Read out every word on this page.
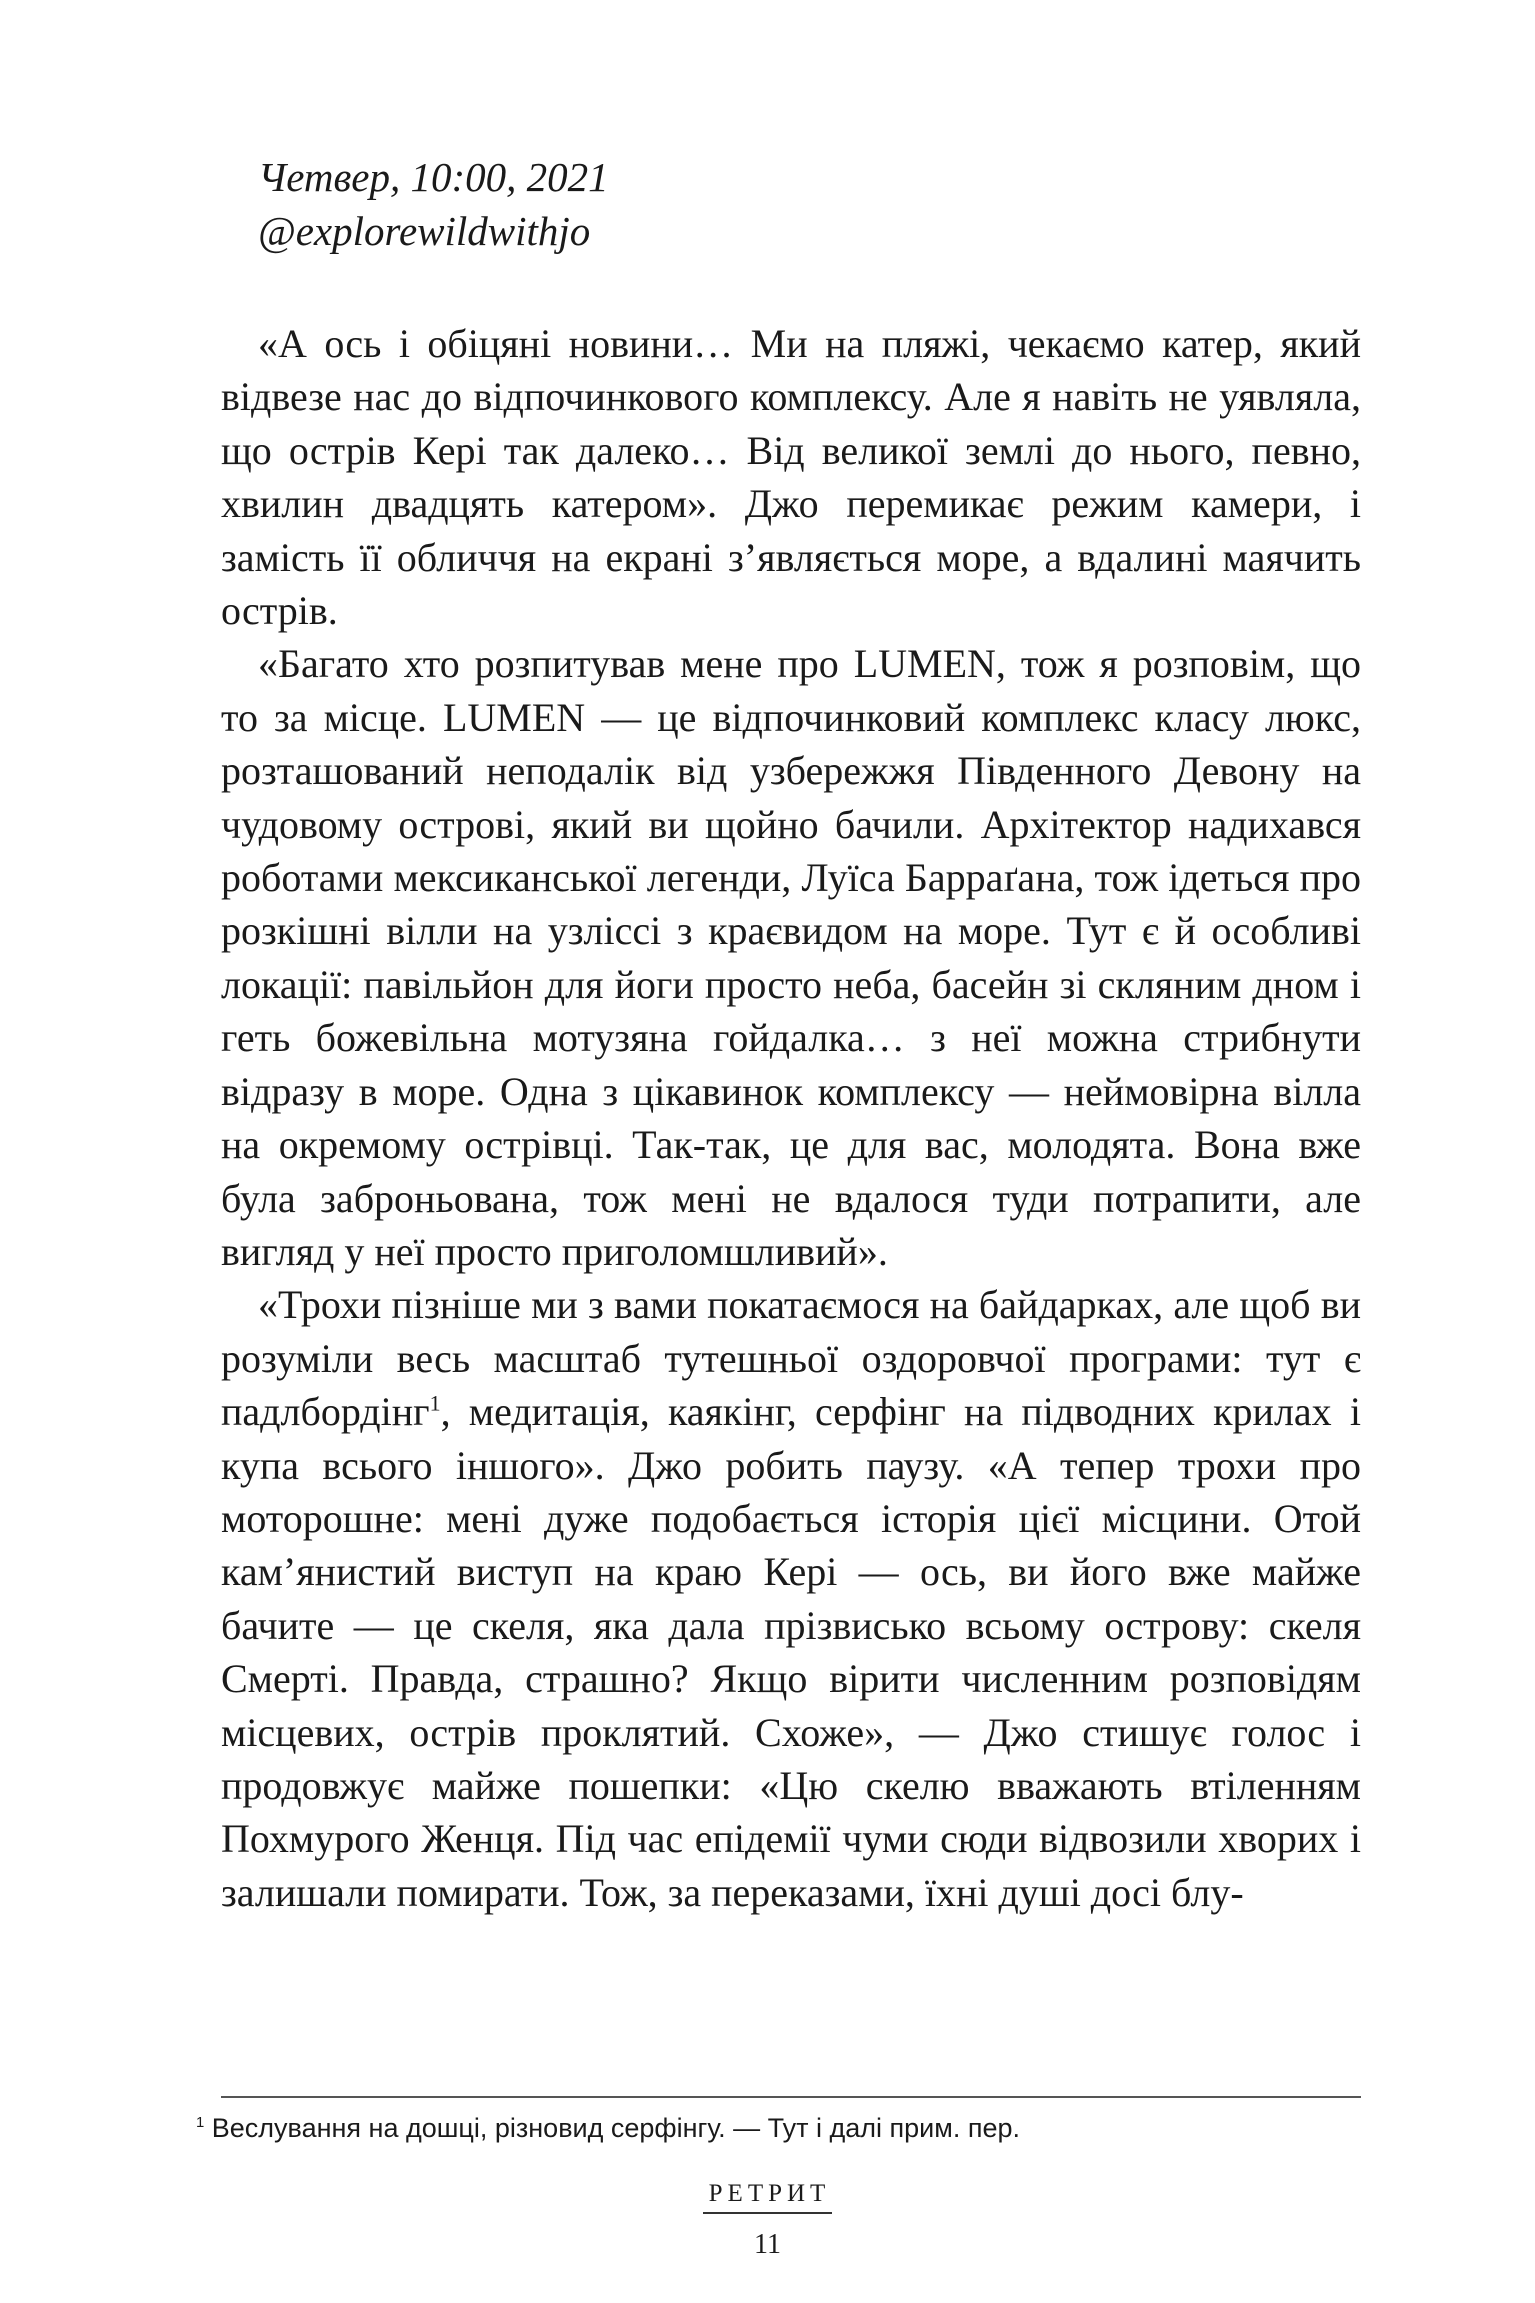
Четвер, 10:00, 2021
@explorewildwithjo

«А ось і обіцяні новини… Ми на пляжі, чекаємо катер, який відвезе нас до відпочинкового комплексу. Але я навіть не уявляла, що острів Кері так далеко… Від великої землі до нього, певно, хвилин двадцять катером». Джо перемикає режим камери, і замість її обличчя на екрані з’являється море, а вдалині маячить острів.

«Багато хто розпитував мене про LUMEN, тож я розповім, що то за місце. LUMEN — це відпочинковий комплекс класу люкс, розташований неподалік від узбережжя Південного Девону на чудовому острові, який ви щойно бачили. Архітектор надихався роботами мексиканської легенди, Луїса Барраґана, тож ідеться про розкішні вілли на узліссі з краєвидом на море. Тут є й особливі локації: павільйон для йоги просто неба, басейн зі скляним дном і геть божевільна мотузяна гойдалка… з неї можна стрибнути відразу в море. Одна з цікавинок комплексу — неймовірна вілла на окремому острівці. Так-так, це для вас, молодята. Вона вже була заброньована, тож мені не вдалося туди потрапити, але вигляд у неї просто приголомшливий».

«Трохи пізніше ми з вами покатаємося на байдарках, але щоб ви розуміли весь масштаб тутешньої оздоровчої програми: тут є падлбордінг$^1$, медитація, каякінг, серфінг на підводних крилах і купа всього іншого». Джо робить паузу. «А тепер трохи про моторошне: мені дуже подобається історія цієї місцини. Отой кам’янистий виступ на краю Кері — ось, ви його вже майже бачите — це скеля, яка дала прізвисько всьому острову: скеля Смерті. Правда, страшно? Якщо вірити численним розповідям місцевих, острів проклятий. Схоже», — Джо стишує голос і продовжує майже пошепки: «Цю скелю вважають втіленням Похмурого Женця. Під час епідемії чуми сюди відвозили хворих і залишали помирати. Тож, за переказами, їхні душі досі блу-

$^1$ Веслування на дошці, різновид серфінгу. — Тут і далі прим. пер.
РЕТРИТ
11
